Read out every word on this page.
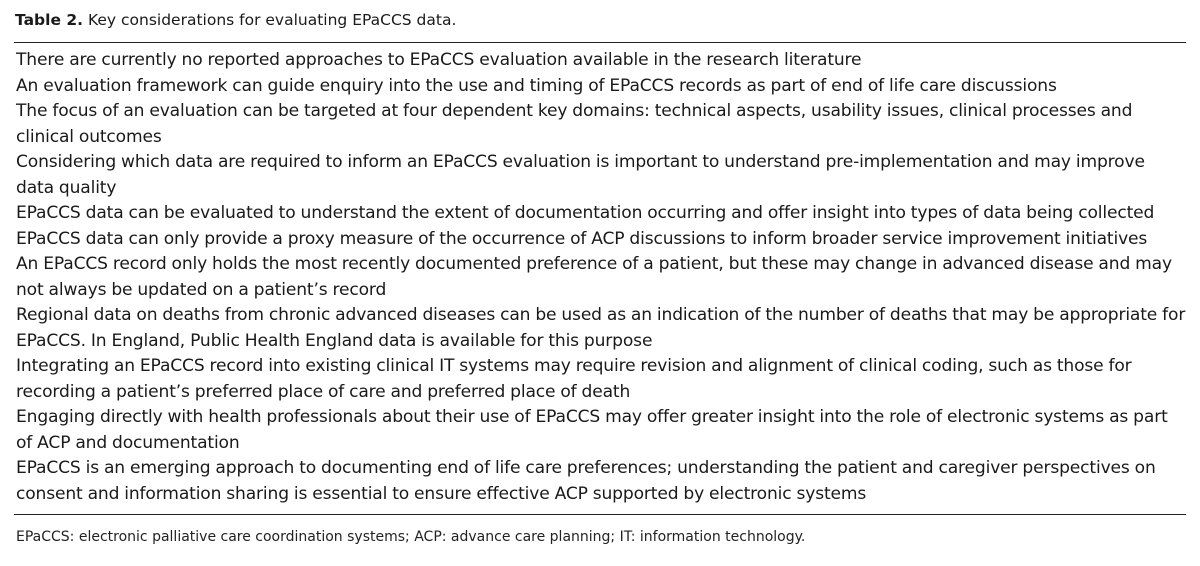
Table 2. Key considerations for evaluating EPaCCS data.
There are currently no reported approaches to EPaCCS evaluation available in the research literature
An evaluation framework can guide enquiry into the use and timing of EPaCCS records as part of end of life care discussions
The focus of an evaluation can be targeted at four dependent key domains: technical aspects, usability issues, clinical processes and clinical outcomes
Considering which data are required to inform an EPaCCS evaluation is important to understand pre-implementation and may improve data quality
EPaCCS data can be evaluated to understand the extent of documentation occurring and offer insight into types of data being collected
EPaCCS data can only provide a proxy measure of the occurrence of ACP discussions to inform broader service improvement initiatives
An EPaCCS record only holds the most recently documented preference of a patient, but these may change in advanced disease and may not always be updated on a patient’s record
Regional data on deaths from chronic advanced diseases can be used as an indication of the number of deaths that may be appropriate for EPaCCS. In England, Public Health England data is available for this purpose
Integrating an EPaCCS record into existing clinical IT systems may require revision and alignment of clinical coding, such as those for recording a patient’s preferred place of care and preferred place of death
Engaging directly with health professionals about their use of EPaCCS may offer greater insight into the role of electronic systems as part of ACP and documentation
EPaCCS is an emerging approach to documenting end of life care preferences; understanding the patient and caregiver perspectives on consent and information sharing is essential to ensure effective ACP supported by electronic systems
EPaCCS: electronic palliative care coordination systems; ACP: advance care planning; IT: information technology.
